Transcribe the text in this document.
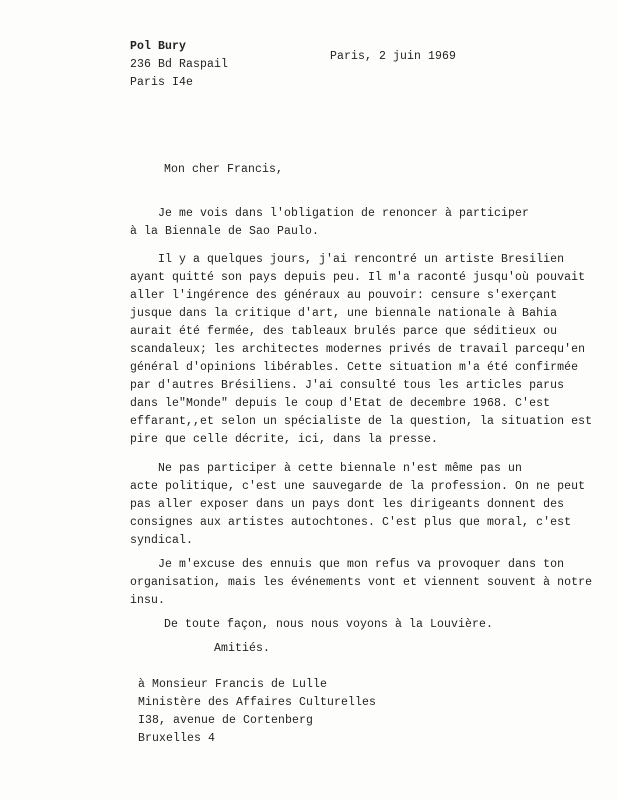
Pol Bury
236 Bd Raspail
Paris I4e
Paris, 2 juin 1969
Mon cher Francis,
Je me vois dans l'obligation de renoncer à participer
à la Biennale de Sao Paulo.
Il y a quelques jours, j'ai rencontré un artiste Bresilien
ayant quitté son pays depuis peu. Il m'a raconté jusqu'où pouvait
aller l'ingérence des généraux au pouvoir: censure s'exerçant
jusque dans la critique d'art, une biennale nationale à Bahia
aurait été fermée, des tableaux brulés parce que séditieux ou
scandaleux; les architectes modernes privés de travail parcequ'en
général d'opinions libérables. Cette situation m'a été confirmée
par d'autres Brésiliens. J'ai consulté tous les articles parus
dans le"Monde" depuis le coup d'Etat de decembre 1968. C'est
effarant,,et selon un spécialiste de la question, la situation est
pire que celle décrite, ici, dans la presse.
Ne pas participer à cette biennale n'est même pas un
acte politique, c'est une sauvegarde de la profession. On ne peut
pas aller exposer dans un pays dont les dirigeants donnent des
consignes aux artistes autochtones. C'est plus que moral, c'est
syndical.
Je m'excuse des ennuis que mon refus va provoquer dans ton
organisation, mais les événements vont et viennent souvent à notre
insu.
De toute façon, nous nous voyons à la Louvière.
Amitiés.
à Monsieur Francis de Lulle
Ministère des Affaires Culturelles
I38, avenue de Cortenberg
Bruxelles 4
